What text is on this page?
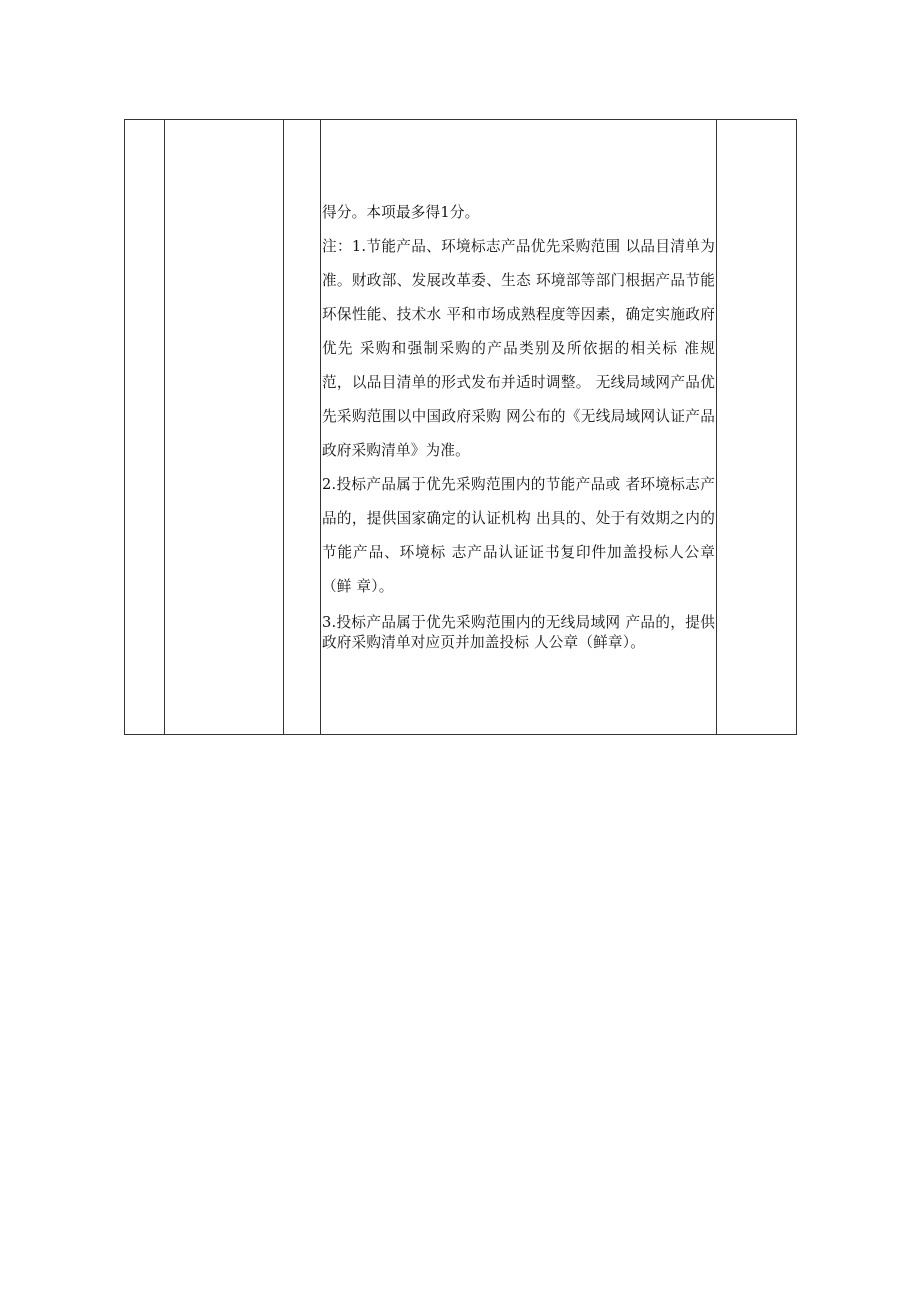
得分。本项最多得1分。

注：1.节能产品、环境标志产品优先采购范围 以品目清单为准。财政部、发展改革委、生态 环境部等部门根据产品节能环保性能、技术水 平和市场成熟程度等因素，确定实施政府优先 采购和强制采购的产品类别及所依据的相关标 准规范，以品目清单的形式发布并适时调整。 无线局域网产品优先采购范围以中国政府采购 网公布的《无线局域网认证产品政府采购清单》为准。

2.投标产品属于优先采购范围内的节能产品或 者环境标志产品的，提供国家确定的认证机构 出具的、处于有效期之内的节能产品、环境标 志产品认证证书复印件加盖投标人公章（鲜 章）。

3.投标产品属于优先采购范围内的无线局域网 产品的，提供政府采购清单对应页并加盖投标 人公章（鲜章）。
